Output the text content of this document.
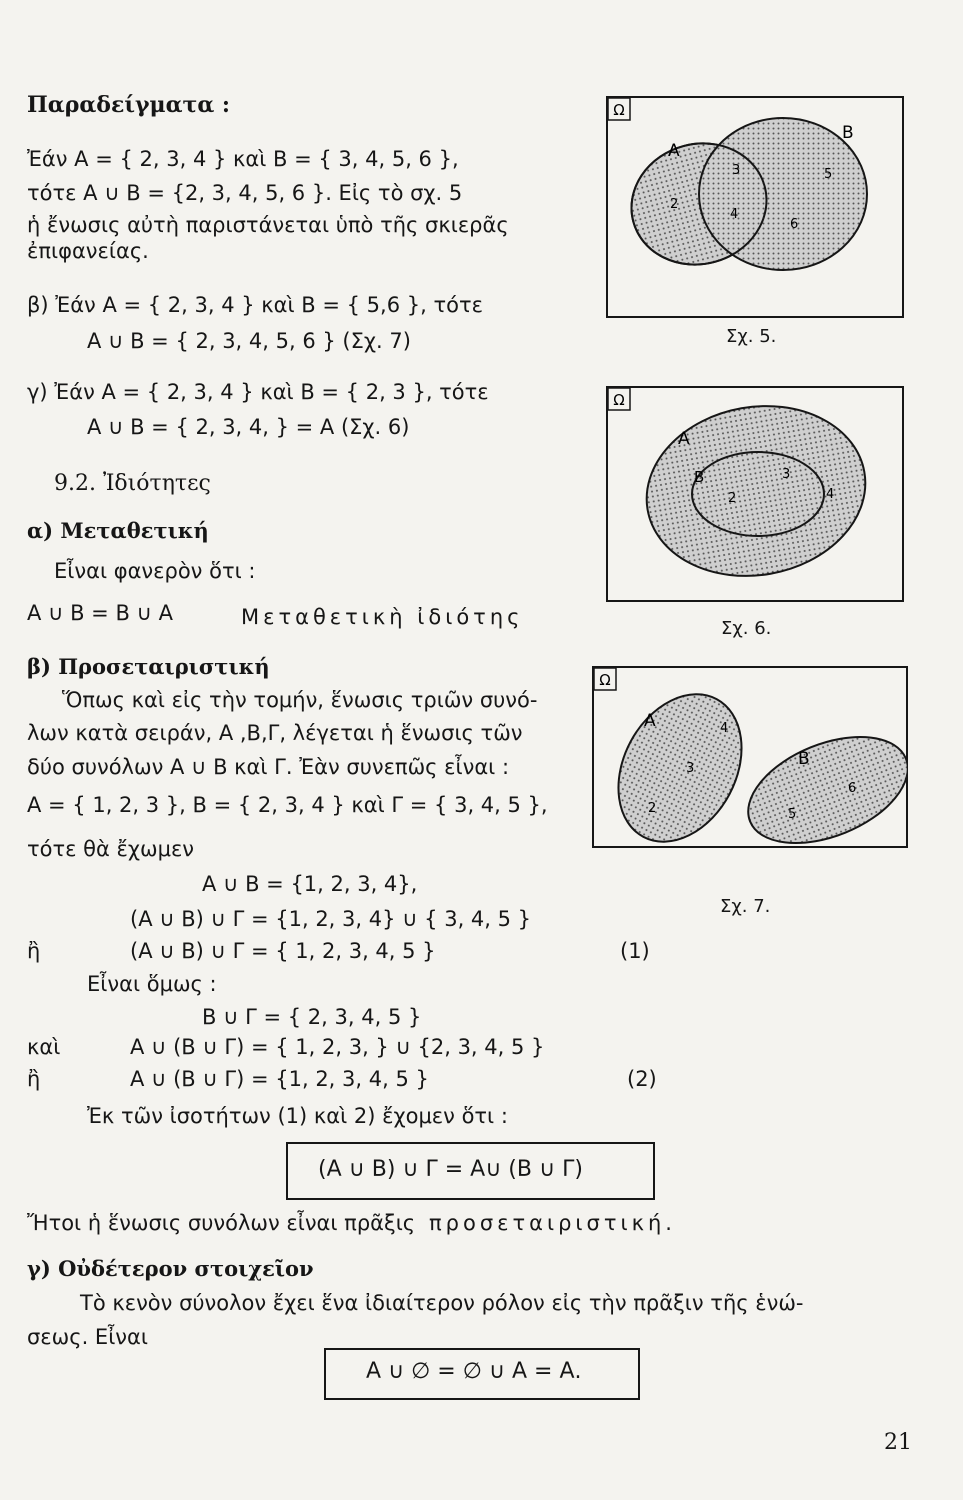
Παραδείγματα :
Ἐάν Α = { 2, 3, 4 } καὶ Β = { 3, 4, 5, 6 },
τότε Α ∪ Β = {2, 3, 4, 5, 6 }. Εἰς τὸ σχ. 5
ἡ ἔνωσις αὐτὴ παριστάνεται ὑπὸ τῆς σκιερᾶς
ἐπιφανείας.
β) Ἐάν Α = { 2, 3, 4 } καὶ Β = { 5,6 }, τότε
Α ∪ Β = { 2, 3, 4, 5, 6 } (Σχ. 7)
γ) Ἐάν Α = { 2, 3, 4 } καὶ Β = { 2, 3 }, τότε
Α ∪ Β = { 2, 3, 4, } = Α (Σχ. 6)
9.2. Ἰδιότητες
α) Μεταθετική
Εἶναι φανερὸν ὅτι :
Α ∪ Β = Β ∪ Α	Μεταθετικὴ ἰδιότης
β) Προσεταιριστική
Ὅπως καὶ εἰς τὴν τομήν, ἕνωσις τριῶν συνό-
λων κατὰ σειράν, Α ,Β,Γ, λέγεται ἡ ἕνωσις τῶν
δύο συνόλων Α ∪ Β καὶ Γ. Ἐὰν συνεπῶς εἶναι :
Α = { 1, 2, 3 }, Β = { 2, 3, 4 } καὶ Γ = { 3, 4, 5 },
τότε θὰ ἔχωμεν
Α ∪ Β = {1, 2, 3, 4},
(Α ∪ Β) ∪ Γ = {1, 2, 3, 4} ∪ { 3, 4, 5 }
ἢ	(Α ∪ Β) ∪ Γ = { 1, 2, 3, 4, 5 }	(1)
Εἶναι ὅμως :
Β ∪ Γ = { 2, 3, 4, 5 }
καὶ	Α ∪ (Β ∪ Γ) = { 1, 2, 3, } ∪ {2, 3, 4, 5 }
ἢ	Α ∪ (Β ∪ Γ) = {1, 2, 3, 4, 5 }	(2)
Ἐκ τῶν ἰσοτήτων (1) καὶ 2) ἔχομεν ὅτι :
(Α ∪ Β) ∪ Γ = Α∪ (Β ∪ Γ)
Ἤτοι ἡ ἕνωσις συνόλων εἶναι πρᾶξις προσεταιριστική.
γ) Οὐδέτερον στοιχεῖον
Τὸ κενὸν σύνολον ἔχει ἕνα ἰδιαίτερον ρόλον εἰς τὴν πρᾶξιν τῆς ἑνώ-
σεως. Εἶναι
Α ∪ ∅ = ∅ ∪ Α = Α.
21
Ω
Α
Β
2
3
4
5
6
Σχ. 5.
Ω
Α
Β
2
3
4
Σχ. 6.
Ω
Α
Β
2
3
4
5
6
Σχ. 7.
